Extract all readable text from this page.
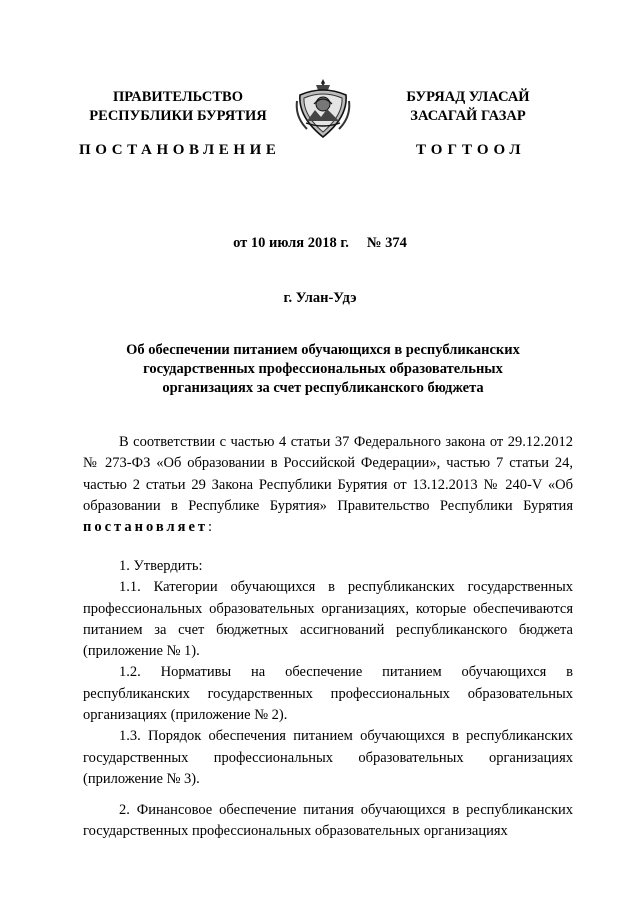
ПРАВИТЕЛЬСТВО
РЕСПУБЛИКИ БУРЯТИЯ
БУРЯАД УЛАСАЙ
ЗАСАГАЙ ГАЗАР
ПОСТАНОВЛЕНИЕ	ТОГТООЛ
от 10 июля 2018 г. № 374
г. Улан-Удэ
Об обеспечении питанием обучающихся в республиканских
государственных профессиональных образовательных
организациях за счет республиканского бюджета

В соответствии с частью 4 статьи 37 Федерального закона от 29.12.2012 № 273-ФЗ «Об образовании в Российской Федерации», частью 7 статьи 24, частью 2 статьи 29 Закона Республики Бурятия от 13.12.2013 № 240-V «Об образовании в Республике Бурятия» Правительство Республики Бурятия постановляет:

1. Утвердить:

1.1. Категории обучающихся в республиканских государственных профессиональных образовательных организациях, которые обеспечиваются питанием за счет бюджетных ассигнований республиканского бюджета (приложение № 1).

1.2. Нормативы на обеспечение питанием обучающихся в республиканских государственных профессиональных образовательных организациях (приложение № 2).

1.3. Порядок обеспечения питанием обучающихся в республиканских государственных профессиональных образовательных организациях (приложение № 3).

2. Финансовое обеспечение питания обучающихся в республиканских государственных профессиональных образовательных организациях
